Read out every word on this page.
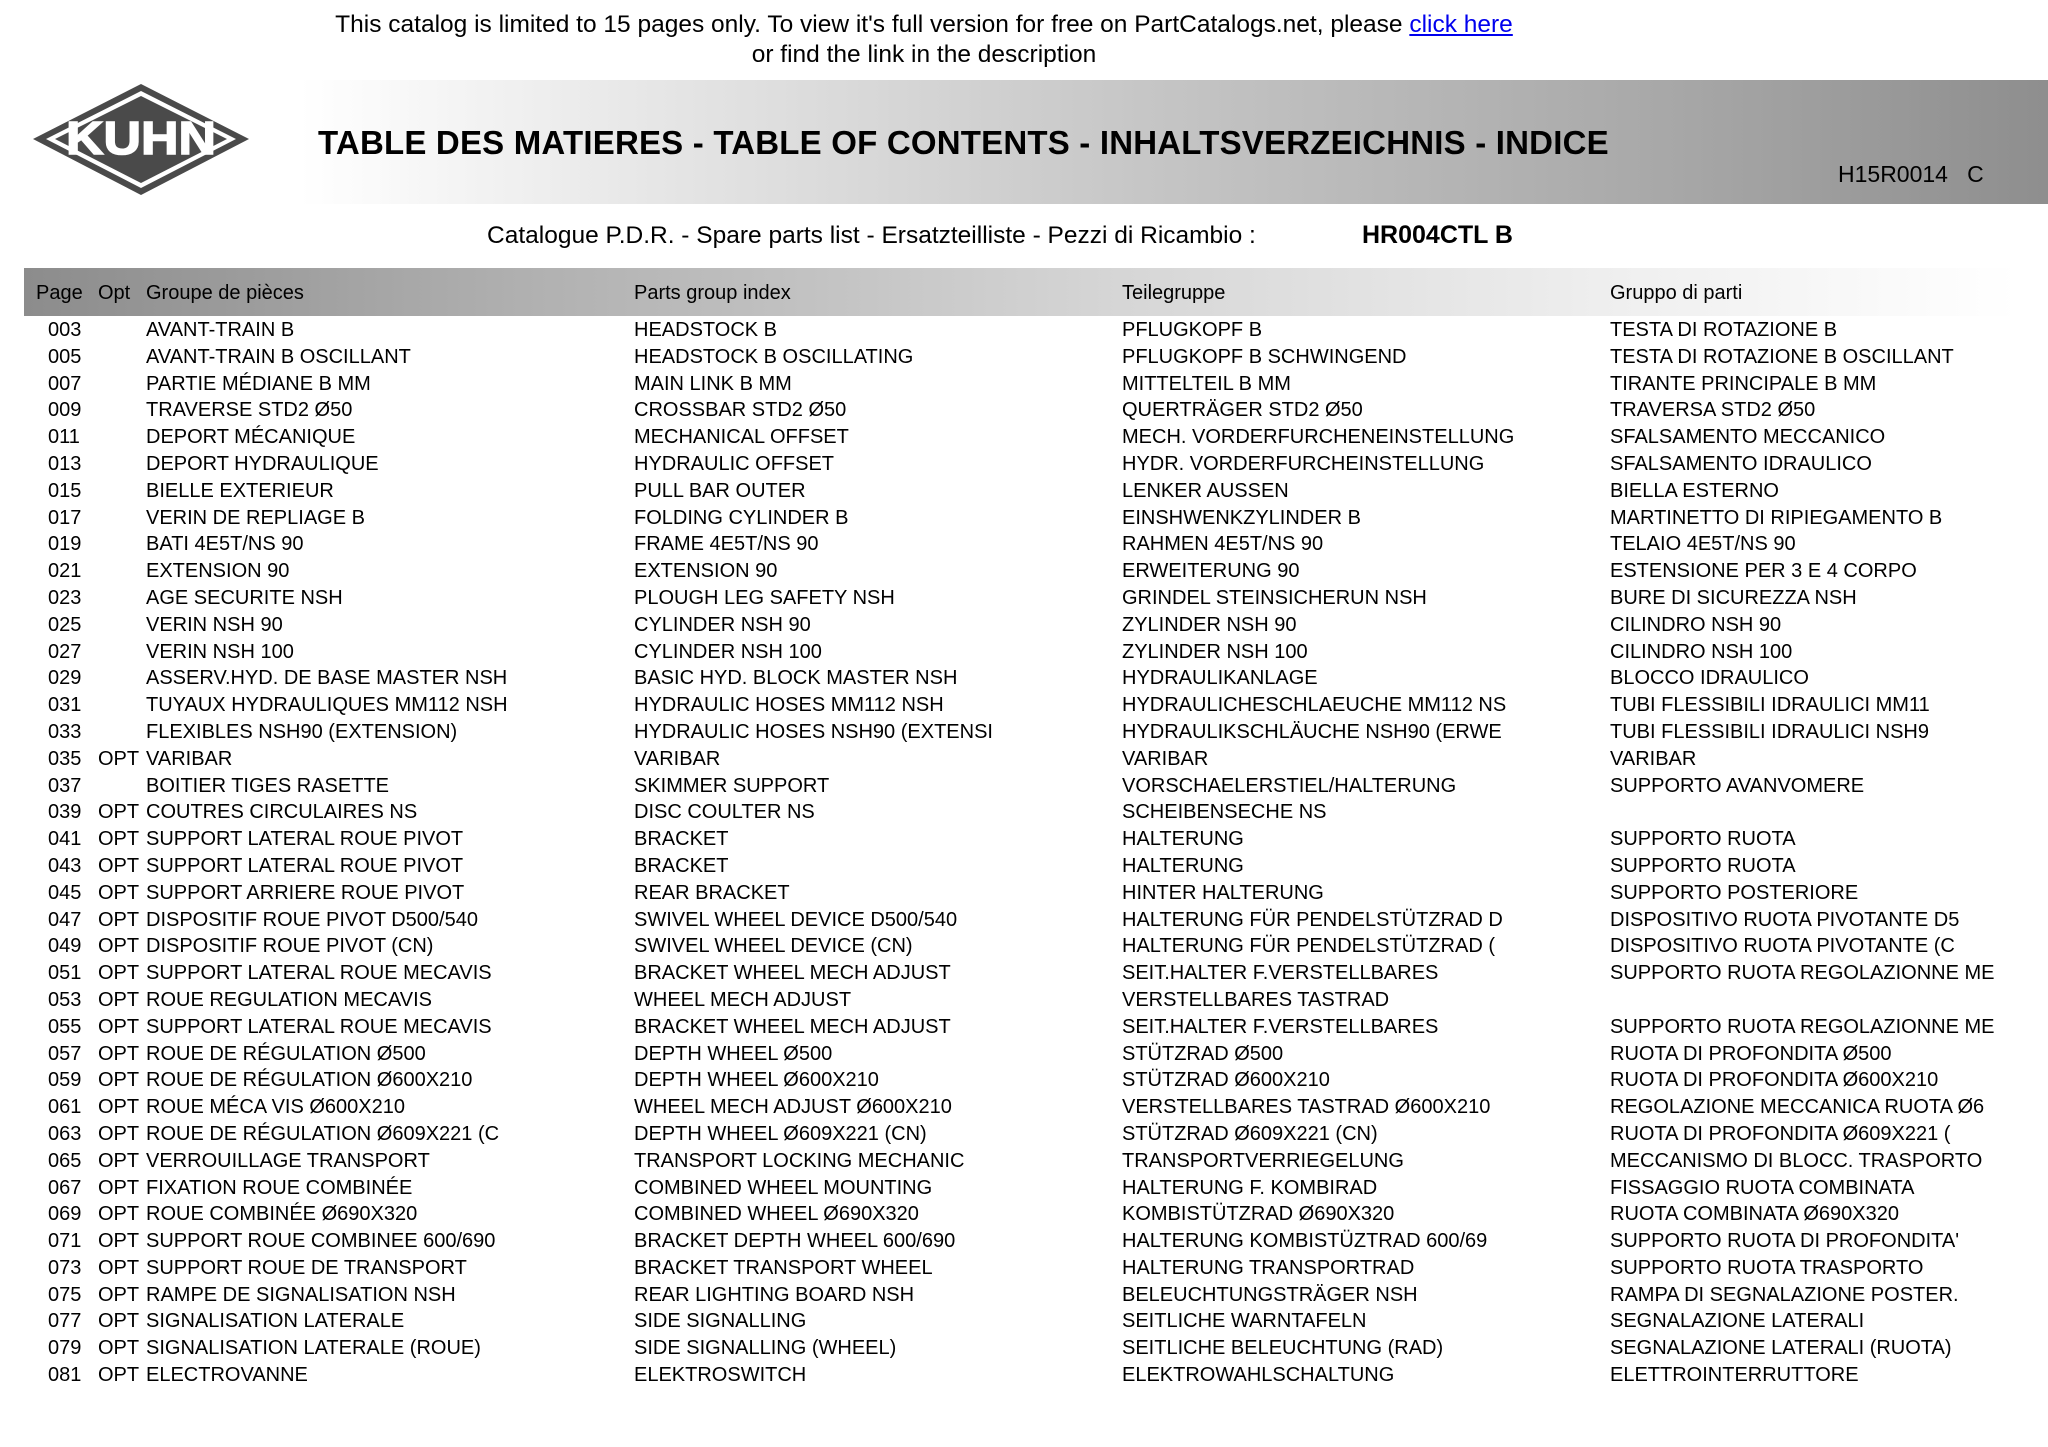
This catalog is limited to 15 pages only. To view it's full version for free on PartCatalogs.net, please click here
or find the link in the description
KUHN	TABLE DES MATIERES - TABLE OF CONTENTS - INHALTSVERZEICHNIS - INDICE
H15R0014   C
Catalogue P.D.R. - Spare parts list - Ersatzteilliste - Pezzi di Ricambio :	HR004CTL B
Page Opt Groupe de pièces	Parts group index	Teilegruppe	Gruppo di parti
003	AVANT-TRAIN B	HEADSTOCK B	PFLUGKOPF B	TESTA DI ROTAZIONE B
005	AVANT-TRAIN B OSCILLANT	HEADSTOCK B OSCILLATING	PFLUGKOPF B SCHWINGEND	TESTA DI ROTAZIONE B OSCILLANT
007	PARTIE MÉDIANE B MM	MAIN LINK B MM	MITTELTEIL B MM	TIRANTE PRINCIPALE B MM
009	TRAVERSE STD2 Ø50	CROSSBAR STD2 Ø50	QUERTRÄGER STD2 Ø50	TRAVERSA STD2 Ø50
011	DEPORT MÉCANIQUE	MECHANICAL OFFSET	MECH. VORDERFURCHENEINSTELLUNG	SFALSAMENTO MECCANICO
013	DEPORT HYDRAULIQUE	HYDRAULIC OFFSET	HYDR. VORDERFURCHEINSTELLUNG	SFALSAMENTO IDRAULICO
015	BIELLE EXTERIEUR	PULL BAR OUTER	LENKER AUSSEN	BIELLA ESTERNO
017	VERIN DE REPLIAGE B	FOLDING CYLINDER B	EINSHWENKZYLINDER B	MARTINETTO DI RIPIEGAMENTO B
019	BATI 4E5T/NS 90	FRAME 4E5T/NS 90	RAHMEN 4E5T/NS 90	TELAIO 4E5T/NS 90
021	EXTENSION 90	EXTENSION 90	ERWEITERUNG 90	ESTENSIONE PER 3 E 4 CORPO
023	AGE SECURITE NSH	PLOUGH LEG SAFETY NSH	GRINDEL STEINSICHERUN NSH	BURE DI SICUREZZA NSH
025	VERIN NSH 90	CYLINDER NSH 90	ZYLINDER NSH 90	CILINDRO NSH 90
027	VERIN NSH 100	CYLINDER NSH 100	ZYLINDER NSH 100	CILINDRO NSH 100
029	ASSERV.HYD. DE BASE MASTER NSH	BASIC HYD. BLOCK MASTER NSH	HYDRAULIKANLAGE	BLOCCO IDRAULICO
031	TUYAUX HYDRAULIQUES MM112 NSH	HYDRAULIC HOSES MM112 NSH	HYDRAULICHESCHLAEUCHE MM112 NS	TUBI FLESSIBILI IDRAULICI MM11
033	FLEXIBLES NSH90 (EXTENSION)	HYDRAULIC HOSES NSH90 (EXTENSI	HYDRAULIKSCHLÄUCHE NSH90 (ERWE	TUBI FLESSIBILI IDRAULICI NSH9
035 OPT VARIBAR	VARIBAR	VARIBAR	VARIBAR
037	BOITIER TIGES RASETTE	SKIMMER SUPPORT	VORSCHAELERSTIEL/HALTERUNG	SUPPORTO AVANVOMERE
039 OPT COUTRES CIRCULAIRES NS	DISC COULTER NS	SCHEIBENSECHE NS
041 OPT SUPPORT LATERAL ROUE PIVOT	BRACKET	HALTERUNG	SUPPORTO RUOTA
043 OPT SUPPORT LATERAL ROUE PIVOT	BRACKET	HALTERUNG	SUPPORTO RUOTA
045 OPT SUPPORT ARRIERE ROUE PIVOT	REAR BRACKET	HINTER HALTERUNG	SUPPORTO POSTERIORE
047 OPT DISPOSITIF ROUE PIVOT D500/540	SWIVEL WHEEL DEVICE D500/540	HALTERUNG FÜR PENDELSTÜTZRAD D	DISPOSITIVO RUOTA PIVOTANTE D5
049 OPT DISPOSITIF ROUE PIVOT (CN)	SWIVEL WHEEL DEVICE (CN)	HALTERUNG FÜR PENDELSTÜTZRAD (	DISPOSITIVO RUOTA PIVOTANTE (C
051 OPT SUPPORT LATERAL ROUE MECAVIS	BRACKET WHEEL MECH ADJUST	SEIT.HALTER F.VERSTELLBARES	SUPPORTO RUOTA REGOLAZIONNE ME
053 OPT ROUE REGULATION MECAVIS	WHEEL MECH ADJUST	VERSTELLBARES TASTRAD
055 OPT SUPPORT LATERAL ROUE MECAVIS	BRACKET WHEEL MECH ADJUST	SEIT.HALTER F.VERSTELLBARES	SUPPORTO RUOTA REGOLAZIONNE ME
057 OPT ROUE DE RÉGULATION Ø500	DEPTH WHEEL Ø500	STÜTZRAD Ø500	RUOTA DI PROFONDITA Ø500
059 OPT ROUE DE RÉGULATION Ø600X210	DEPTH WHEEL Ø600X210	STÜTZRAD Ø600X210	RUOTA DI PROFONDITA Ø600X210
061 OPT ROUE MÉCA VIS Ø600X210	WHEEL MECH ADJUST Ø600X210	VERSTELLBARES TASTRAD Ø600X210	REGOLAZIONE MECCANICA RUOTA Ø6
063 OPT ROUE DE RÉGULATION Ø609X221 (C	DEPTH WHEEL Ø609X221 (CN)	STÜTZRAD Ø609X221 (CN)	RUOTA DI PROFONDITA Ø609X221 (
065 OPT VERROUILLAGE TRANSPORT	TRANSPORT LOCKING MECHANIC	TRANSPORTVERRIEGELUNG	MECCANISMO DI BLOCC. TRASPORTO
067 OPT FIXATION ROUE COMBINÉE	COMBINED WHEEL MOUNTING	HALTERUNG F. KOMBIRAD	FISSAGGIO RUOTA COMBINATA
069 OPT ROUE COMBINÉE Ø690X320	COMBINED WHEEL Ø690X320	KOMBISTÜTZRAD Ø690X320	RUOTA COMBINATA Ø690X320
071 OPT SUPPORT ROUE COMBINEE 600/690	BRACKET DEPTH WHEEL 600/690	HALTERUNG KOMBISTÜZTRAD 600/69	SUPPORTO RUOTA DI PROFONDITA'
073 OPT SUPPORT ROUE DE TRANSPORT	BRACKET TRANSPORT WHEEL	HALTERUNG TRANSPORTRAD	SUPPORTO RUOTA TRASPORTO
075 OPT RAMPE DE SIGNALISATION NSH	REAR LIGHTING BOARD NSH	BELEUCHTUNGSTRÄGER NSH	RAMPA DI SEGNALAZIONE POSTER.
077 OPT SIGNALISATION LATERALE	SIDE SIGNALLING	SEITLICHE WARNTAFELN	SEGNALAZIONE LATERALI
079 OPT SIGNALISATION LATERALE (ROUE)	SIDE SIGNALLING (WHEEL)	SEITLICHE BELEUCHTUNG (RAD)	SEGNALAZIONE LATERALI (RUOTA)
081 OPT ELECTROVANNE	ELEKTROSWITCH	ELEKTROWAHLSCHALTUNG	ELETTROINTERRUTTORE
